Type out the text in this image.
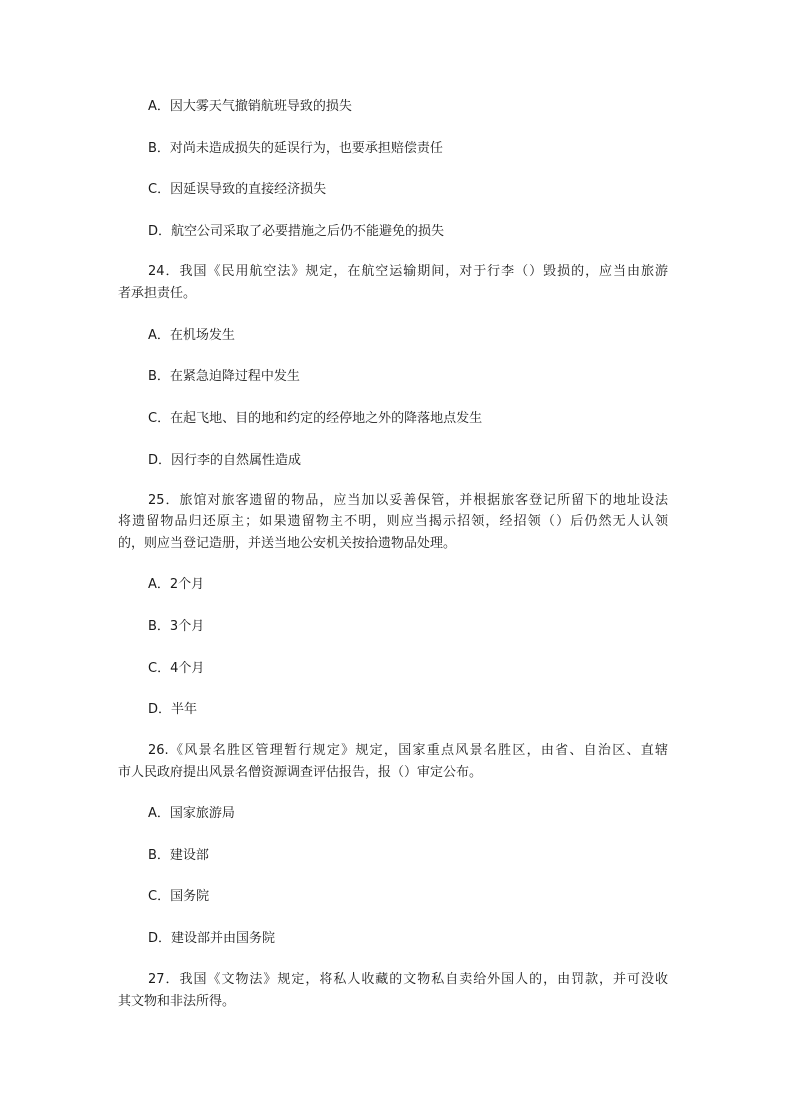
A．因大雾天气撤销航班导致的损失
B．对尚未造成损失的延误行为，也要承担赔偿责任
C．因延误导致的直接经济损失
D．航空公司采取了必要措施之后仍不能避免的损失
24．我国《民用航空法》规定，在航空运输期间，对于行李（）毁损的，应当由旅游
者承担责任。
A．在机场发生
B．在紧急迫降过程中发生
C．在起飞地、目的地和约定的经停地之外的降落地点发生
D．因行李的自然属性造成
25．旅馆对旅客遗留的物品，应当加以妥善保管，并根据旅客登记所留下的地址设法
将遗留物品归还原主；如果遗留物主不明，则应当揭示招领，经招领（）后仍然无人认领
的，则应当登记造册，并送当地公安机关按拾遗物品处理。
A．2个月
B．3个月
C．4个月
D．半年
26.《风景名胜区管理暂行规定》规定，国家重点风景名胜区，由省、自治区、直辖
市人民政府提出风景名僧资源调查评估报告，报（）审定公布。
A．国家旅游局
B．建设部
C．国务院
D．建设部并由国务院
27．我国《文物法》规定，将私人收藏的文物私自卖给外国人的，由罚款，并可没收
其文物和非法所得。
